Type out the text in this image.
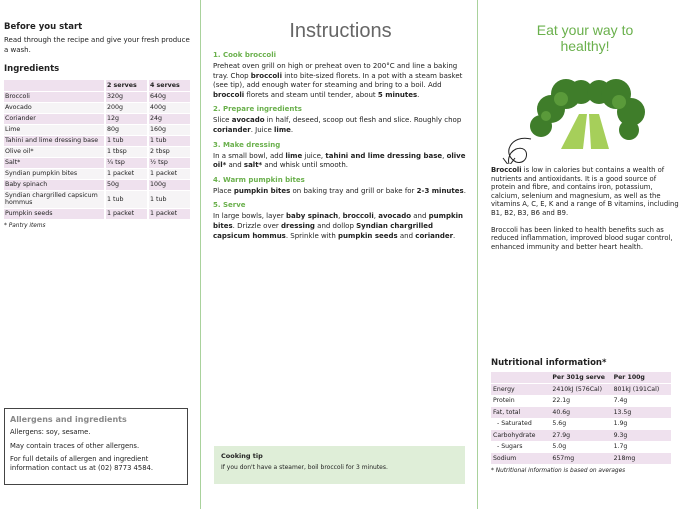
Before you start
Read through the recipe and give your fresh produce a wash.
Ingredients
	2 serves	4 serves
Broccoli	320g	640g
Avocado	200g	400g
Coriander	12g	24g
Lime	80g	160g
Tahini and lime dressing base	1 tub	1 tub
Olive oil*	1 tbsp	2 tbsp
Salt*	¼ tsp	½ tsp
Syndian pumpkin bites	1 packet	1 packet
Baby spinach	50g	100g
Syndian chargrilled capsicum hommus	1 tub	1 tub
Pumpkin seeds	1 packet	1 packet
* Pantry items
Allergens and ingredients
Allergens: soy, sesame.
May contain traces of other allergens.
For full details of allergen and ingredient information contact us at (02) 8773 4584.
Instructions
1. Cook broccoli
Preheat oven grill on high or preheat oven to 200°C and line a baking tray. Chop broccoli into bite-sized florets. In a pot with a steam basket (see tip), add enough water for steaming and bring to a boil. Add broccoli florets and steam until tender, about 5 minutes.
2. Prepare ingredients
Slice avocado in half, deseed, scoop out flesh and slice. Roughly chop coriander. Juice lime.
3. Make dressing
In a small bowl, add lime juice, tahini and lime dressing base, olive oil* and salt* and whisk until smooth.
4. Warm pumpkin bites
Place pumpkin bites on baking tray and grill or bake for 2-3 minutes.
5. Serve
In large bowls, layer baby spinach, broccoli, avocado and pumpkin bites. Drizzle over dressing and dollop Syndian chargrilled capsicum hommus. Sprinkle with pumpkin seeds and coriander.
Cooking tip
If you don't have a steamer, boil broccoli for 3 minutes.
Eat your way to healthy!
Broccoli is low in calories but contains a wealth of nutrients and antioxidants. It is a good source of protein and fibre, and contains iron, potassium, calcium, selenium and magnesium, as well as the vitamins A, C, E, K and a range of B vitamins, including B1, B2, B3, B6 and B9.
Broccoli has been linked to health benefits such as reduced inflammation, improved blood sugar control, enhanced immunity and better heart health.
Nutritional information*
	Per 301g serve	Per 100g
Energy	2410kJ (576Cal)	801kJ (191Cal)
Protein	22.1g	7.4g
Fat, total	40.6g	13.5g
- Saturated	5.6g	1.9g
Carbohydrate	27.9g	9.3g
- Sugars	5.0g	1.7g
Sodium	657mg	218mg
* Nutritional information is based on averages
